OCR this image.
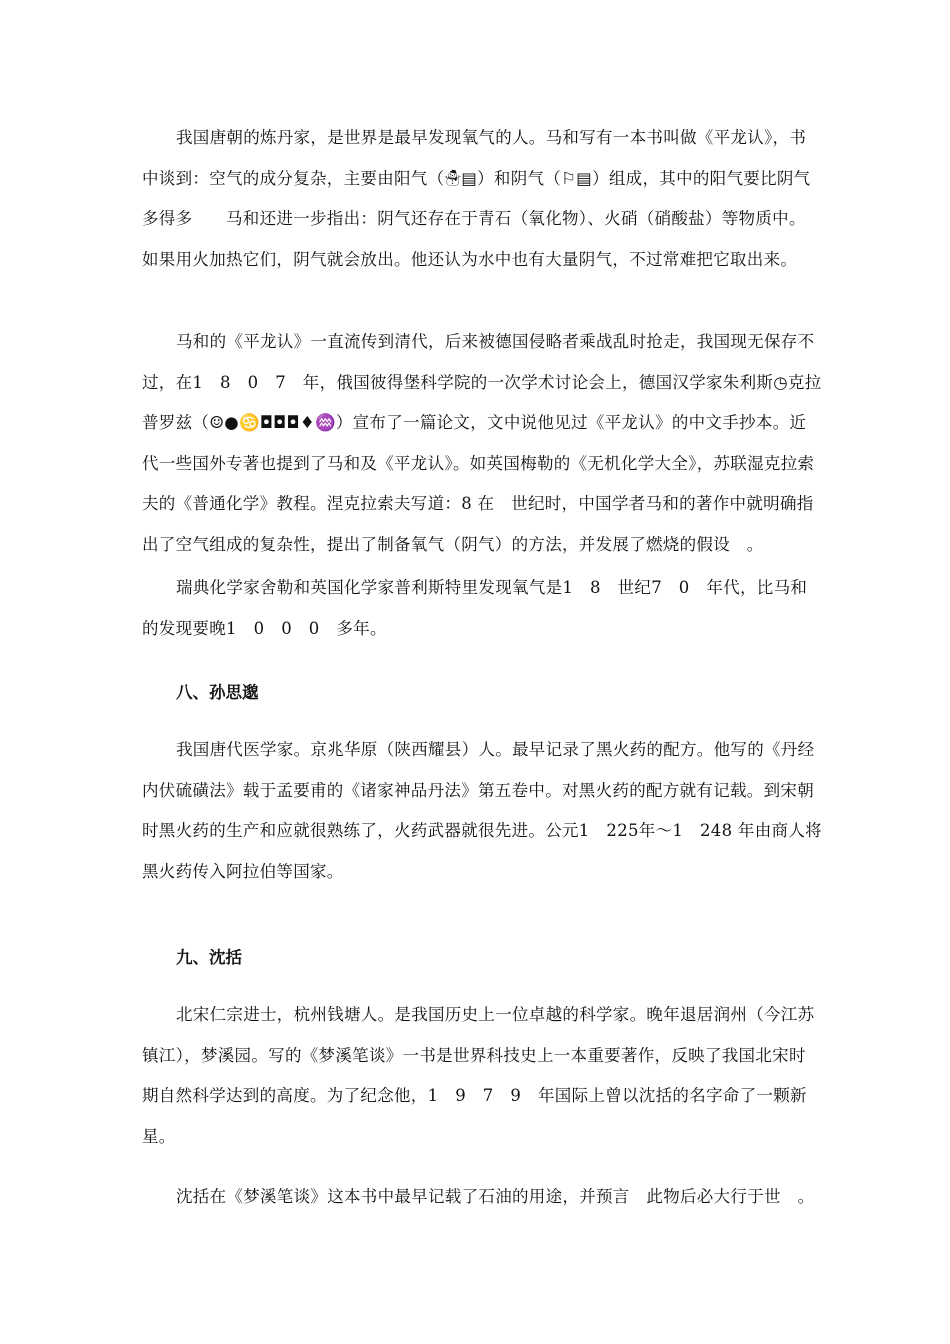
我国唐朝的炼丹家，是世界是最早发现氧气的人。马和写有一本书叫做《平龙认》，书中谈到：空气的成分复杂，主要由阳气（☃▤）和阴气（⚐▤）组成，其中的阳气要比阴气多得多　　马和还进一步指出：阴气还存在于青石（氧化物）、火硝（硝酸盐）等物质中。如果用火加热它们，阴气就会放出。他还认为水中也有大量阴气，不过常难把它取出来。

马和的《平龙认》一直流传到清代，后来被德国侵略者乘战乱时抢走，我国现无保存不过，在1　8　0　7　年，俄国彼得堡科学院的一次学术讨论会上，德国汉学家朱利斯◷克拉普罗兹（☺●♋◘◘◘♦♒）宣布了一篇论文，文中说他见过《平龙认》的中文手抄本。近代一些国外专著也提到了马和及《平龙认》。如英国梅勒的《无机化学大全》，苏联湿克拉索夫的《普通化学》教程。涅克拉索夫写道：8 在　世纪时，中国学者马和的著作中就明确指出了空气组成的复杂性，提出了制备氧气（阴气）的方法，并发展了燃烧的假设　。

瑞典化学家舍勒和英国化学家普利斯特里发现氧气是1　8　世纪7　0　年代，比马和的发现要晚1　0　0　0　多年。

八、孙思邈

我国唐代医学家。京兆华原（陕西耀县）人。最早记录了黑火药的配方。他写的《丹经内伏硫磺法》载于孟要甫的《诸家神品丹法》第五卷中。对黑火药的配方就有记载。到宋朝时黑火药的生产和应就很熟练了，火药武器就很先进。公元1　225年～1　248 年由商人将黑火药传入阿拉伯等国家。

九、沈括

北宋仁宗进士，杭州钱塘人。是我国历史上一位卓越的科学家。晚年退居润州（今江苏镇江），梦溪园。写的《梦溪笔谈》一书是世界科技史上一本重要著作，反映了我国北宋时期自然科学达到的高度。为了纪念他，1　9　7　9　年国际上曾以沈括的名字命了一颗新星。

沈括在《梦溪笔谈》这本书中最早记载了石油的用途，并预言　此物后必大行于世　。
